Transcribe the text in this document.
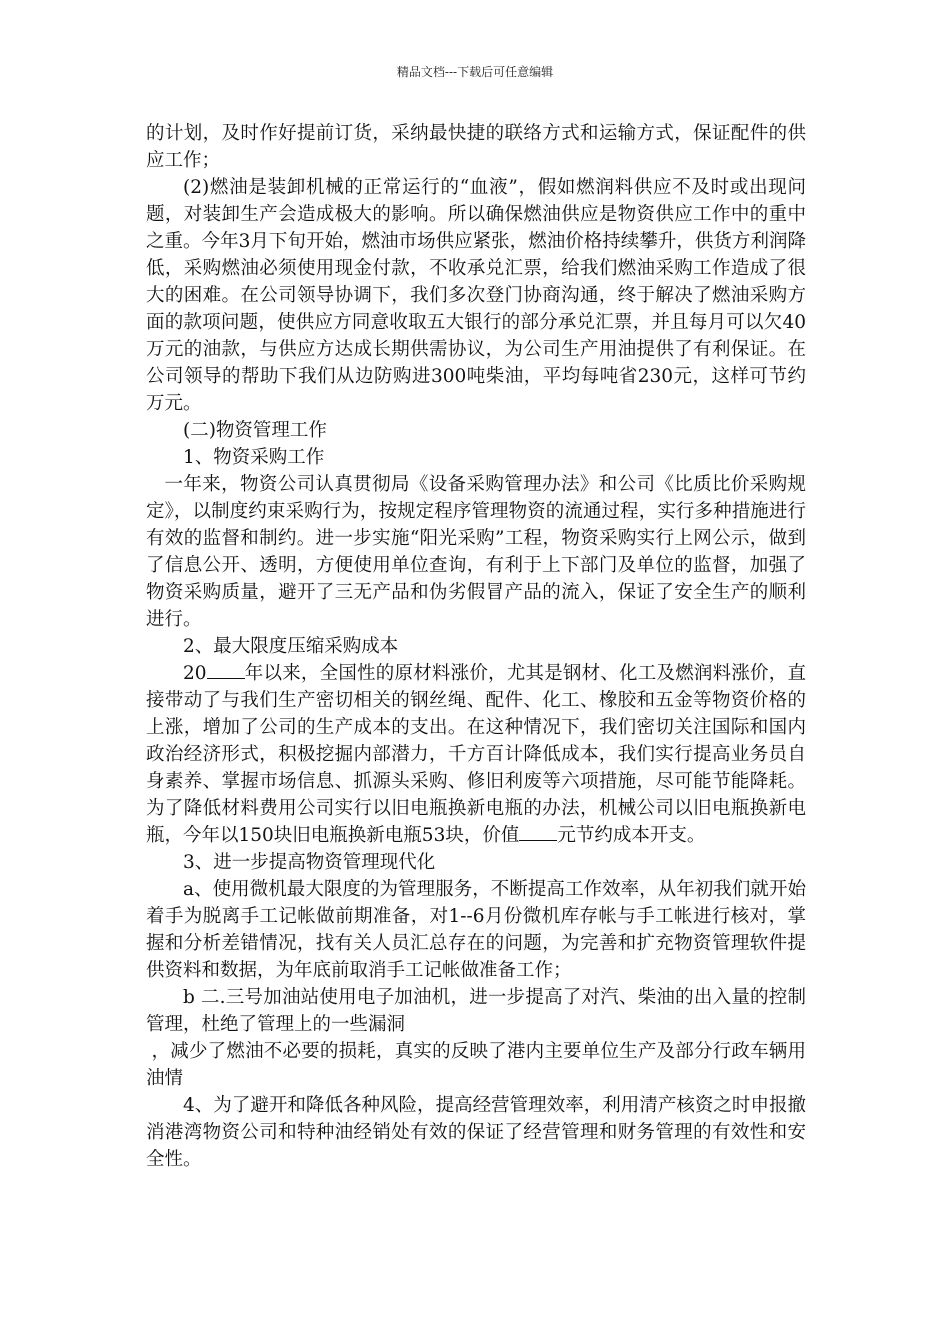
精品文档---下载后可任意编辑

的计划，及时作好提前订货，采纳最快捷的联络方式和运输方式，保证配件的供应工作；

(2)燃油是装卸机械的正常运行的“血液”，假如燃润料供应不及时或出现问题，对装卸生产会造成极大的影响。所以确保燃油供应是物资供应工作中的重中之重。今年3月下旬开始，燃油市场供应紧张，燃油价格持续攀升，供货方利润降低，采购燃油必须使用现金付款，不收承兑汇票，给我们燃油采购工作造成了很大的困难。在公司领导协调下，我们多次登门协商沟通，终于解决了燃油采购方面的款项问题，使供应方同意收取五大银行的部分承兑汇票，并且每月可以欠40万元的油款，与供应方达成长期供需协议，为公司生产用油提供了有利保证。在公司领导的帮助下我们从边防购进300吨柴油，平均每吨省230元，这样可节约万元。

(二)物资管理工作

1、物资采购工作

一年来，物资公司认真贯彻局《设备采购管理办法》和公司《比质比价采购规定》，以制度约束采购行为，按规定程序管理物资的流通过程，实行多种措施进行有效的监督和制约。进一步实施“阳光采购”工程，物资采购实行上网公示，做到了信息公开、透明，方便使用单位查询，有利于上下部门及单位的监督，加强了物资采购质量，避开了三无产品和伪劣假冒产品的流入，保证了安全生产的顺利进行。

2、最大限度压缩采购成本

20 年以来，全国性的原材料涨价，尤其是钢材、化工及燃润料涨价，直接带动了与我们生产密切相关的钢丝绳、配件、化工、橡胶和五金等物资价格的上涨，增加了公司的生产成本的支出。在这种情况下，我们密切关注国际和国内政治经济形式，积极挖掘内部潜力，千方百计降低成本，我们实行提高业务员自身素养、掌握市场信息、抓源头采购、修旧利废等六项措施，尽可能节能降耗。为了降低材料费用公司实行以旧电瓶换新电瓶的办法，机械公司以旧电瓶换新电瓶，今年以150块旧电瓶换新电瓶53块，价值 元节约成本开支。

3、进一步提高物资管理现代化

a、使用微机最大限度的为管理服务，不断提高工作效率，从年初我们就开始着手为脱离手工记帐做前期准备，对1--6月份微机库存帐与手工帐进行核对，掌握和分析差错情况，找有关人员汇总存在的问题，为完善和扩充物资管理软件提供资料和数据，为年底前取消手工记帐做准备工作；

b 二.三号加油站使用电子加油机，进一步提高了对汽、柴油的出入量的控制管理，杜绝了管理上的一些漏洞

，减少了燃油不必要的损耗，真实的反映了港内主要单位生产及部分行政车辆用油情

4、为了避开和降低各种风险，提高经营管理效率，利用清产核资之时申报撤消港湾物资公司和特种油经销处有效的保证了经营管理和财务管理的有效性和安全性。
